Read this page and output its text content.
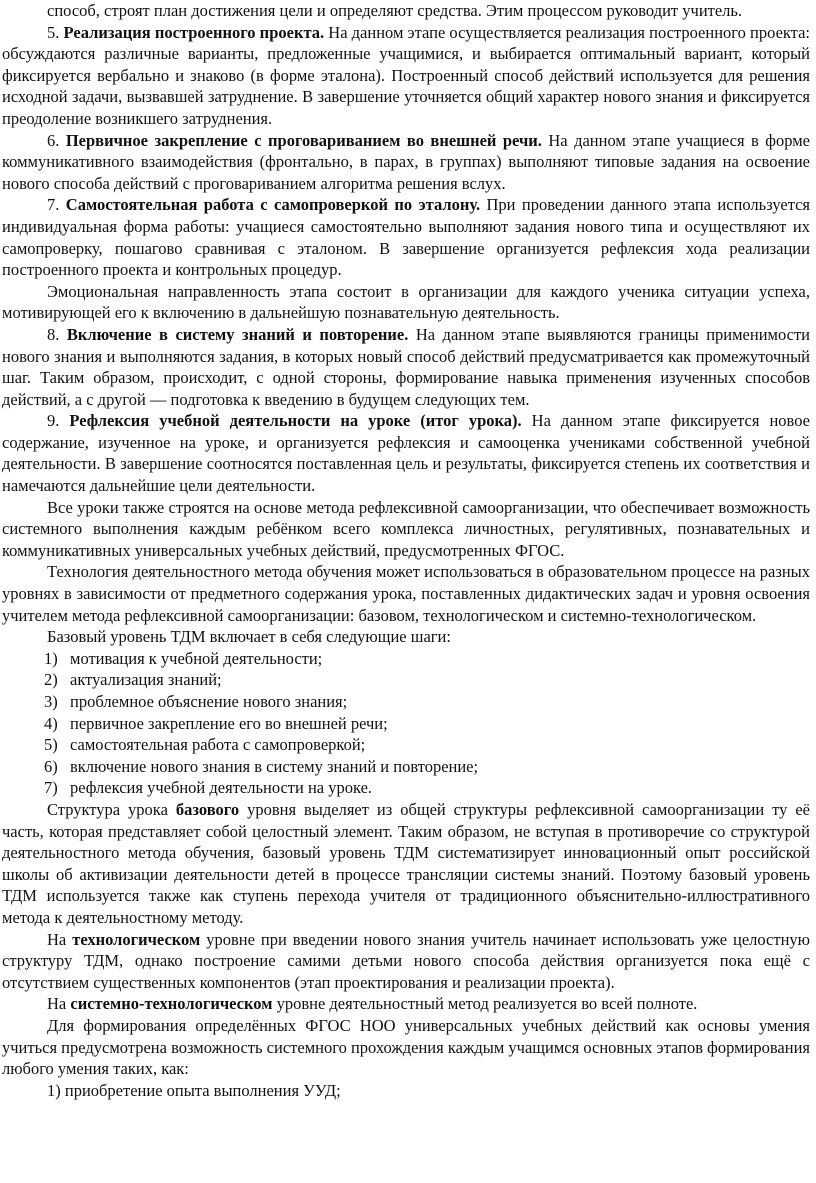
способ, строят план достижения цели и определяют средства. Этим процессом руководит учитель.

5. Реализация построенного проекта. На данном этапе осуществляется реализация построенного проекта: обсуждаются различные варианты, предложенные учащимися, и выбирается оптимальный вариант, который фиксируется вербально и знаково (в форме эталона). Построенный способ действий используется для решения исходной задачи, вызвавшей затруднение. В завершение уточняется общий характер нового знания и фиксируется преодоление возникшего затруднения.

6. Первичное закрепление с проговариванием во внешней речи. На данном этапе учащиеся в форме коммуникативного взаимодействия (фронтально, в парах, в группах) выполняют типовые задания на освоение нового способа действий с проговариванием алгоритма решения вслух.

7. Самостоятельная работа с самопроверкой по эталону. При проведении данного этапа используется индивидуальная форма работы: учащиеся самостоятельно выполняют задания нового типа и осуществляют их самопроверку, пошагово сравнивая с эталоном. В завершение организуется рефлексия хода реализации построенного проекта и контрольных процедур.

Эмоциональная направленность этапа состоит в организации для каждого ученика ситуации успеха, мотивирующей его к включению в дальнейшую познавательную деятельность.

8. Включение в систему знаний и повторение. На данном этапе выявляются границы применимости нового знания и выполняются задания, в которых новый способ действий предусматривается как промежуточный шаг. Таким образом, происходит, с одной стороны, формирование навыка применения изученных способов действий, а с другой — подготовка к введению в будущем следующих тем.

9. Рефлексия учебной деятельности на уроке (итог урока). На данном этапе фиксируется новое содержание, изученное на уроке, и организуется рефлексия и самооценка учениками собственной учебной деятельности. В завершение соотносятся поставленная цель и результаты, фиксируется степень их соответствия и намечаются дальнейшие цели деятельности.

Все уроки также строятся на основе метода рефлексивной самоорганизации, что обеспечивает возможность системного выполнения каждым ребёнком всего комплекса личностных, регулятивных, познавательных и коммуникативных универсальных учебных действий, предусмотренных ФГОС.

Технология деятельностного метода обучения может использоваться в образовательном процессе на разных уровнях в зависимости от предметного содержания урока, поставленных дидактических задач и уровня освоения учителем метода рефлексивной самоорганизации: базовом, технологическом и системно-технологическом.

Базовый уровень ТДМ включает в себя следующие шаги:

1) мотивация к учебной деятельности;
2) актуализация знаний;
3) проблемное объяснение нового знания;
4) первичное закрепление его во внешней речи;
5) самостоятельная работа с самопроверкой;
6) включение нового знания в систему знаний и повторение;
7) рефлексия учебной деятельности на уроке.

Структура урока базового уровня выделяет из общей структуры рефлексивной самоорганизации ту её часть, которая представляет собой целостный элемент. Таким образом, не вступая в противоречие со структурой деятельностного метода обучения, базовый уровень ТДМ систематизирует инновационный опыт российской школы об активизации деятельности детей в процессе трансляции системы знаний. Поэтому базовый уровень ТДМ используется также как ступень перехода учителя от традиционного объяснительно-иллюстративного метода к деятельностному методу.

На технологическом уровне при введении нового знания учитель начинает использовать уже целостную структуру ТДМ, однако построение самими детьми нового способа действия организуется пока ещё с отсутствием существенных компонентов (этап проектирования и реализации проекта).

На системно-технологическом уровне деятельностный метод реализуется во всей полноте.

Для формирования определённых ФГОС НОО универсальных учебных действий как основы умения учиться предусмотрена возможность системного прохождения каждым учащимся основных этапов формирования любого умения таких, как:

1) приобретение опыта выполнения УУД;
